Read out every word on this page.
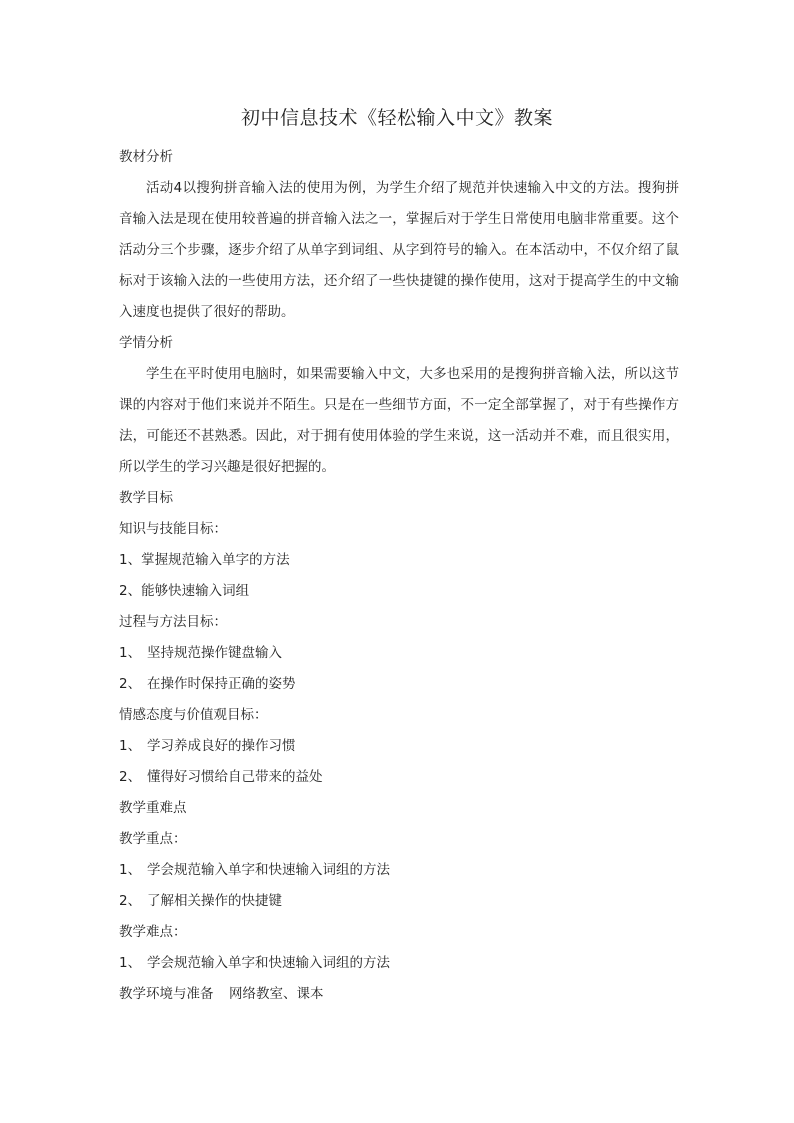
初中信息技术《轻松输入中文》教案
教材分析

活动4以搜狗拼音输入法的使用为例，为学生介绍了规范并快速输入中文的方法。搜狗拼音输入法是现在使用较普遍的拼音输入法之一，掌握后对于学生日常使用电脑非常重要。这个活动分三个步骤，逐步介绍了从单字到词组、从字到符号的输入。在本活动中，不仅介绍了鼠标对于该输入法的一些使用方法，还介绍了一些快捷键的操作使用，这对于提高学生的中文输入速度也提供了很好的帮助。

学情分析

学生在平时使用电脑时，如果需要输入中文，大多也采用的是搜狗拼音输入法，所以这节课的内容对于他们来说并不陌生。只是在一些细节方面，不一定全部掌握了，对于有些操作方法，可能还不甚熟悉。因此，对于拥有使用体验的学生来说，这一活动并不难，而且很实用，所以学生的学习兴趣是很好把握的。

教学目标
知识与技能目标：
1、掌握规范输入单字的方法
2、能够快速输入词组
过程与方法目标：
1、 坚持规范操作键盘输入
2、 在操作时保持正确的姿势
情感态度与价值观目标：
1、 学习养成良好的操作习惯
2、 懂得好习惯给自己带来的益处
教学重难点
教学重点：
1、 学会规范输入单字和快速输入词组的方法
2、 了解相关操作的快捷键
教学难点：
1、 学会规范输入单字和快速输入词组的方法
教学环境与准备 网络教室、课本
